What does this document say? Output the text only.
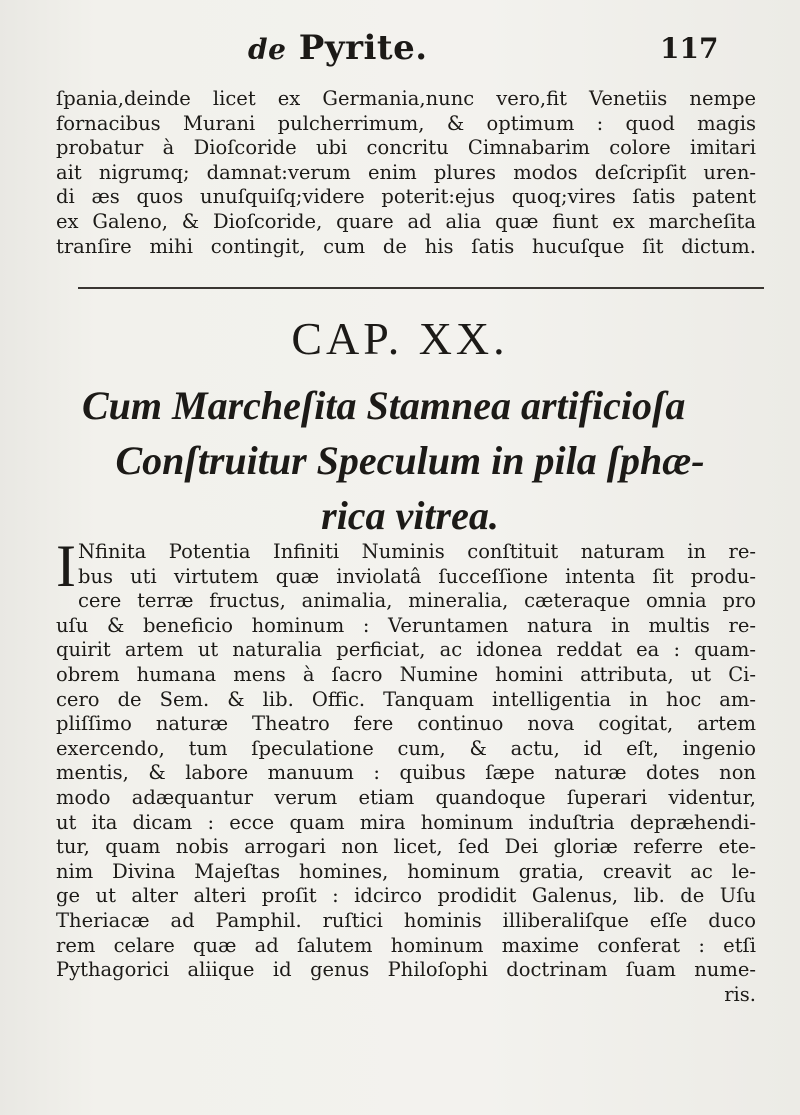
de Pyrite.	117
ſpania,deinde licet ex Germania,nunc vero,fit Venetiis nempe
fornacibus Murani pulcherrimum, & optimum : quod magis
probatur à Dioſcoride ubi concritu Cimnabarim colore imitari
ait nigrumq; damnat:verum enim plures modos deſcripſit uren-
di æs quos unuſquiſq;videre poterit:ejus quoq;vires ſatis patent
ex Galeno, & Dioſcoride, quare ad alia quæ fiunt ex marcheſita
tranſire mihi contingit, cum de his ſatis hucuſque ſit dictum.
CAP. XX.
Cum Marcheſita Stamnea artificioſa
Conſtruitur Speculum in pila ſphæ-
rica vitrea.
I Nfinita Potentia Infiniti Numinis conſtituit naturam in re-
bus uti virtutem quæ inviolatâ ſucceſſione intenta ſit produ-
cere terræ fructus, animalia, mineralia, cæteraque omnia pro
uſu & beneficio hominum : Veruntamen natura in multis re-
quirit artem ut naturalia perficiat, ac idonea reddat ea : quam-
obrem humana mens à ſacro Numine homini attributa, ut Ci-
cero de Sem. & lib. Offic. Tanquam intelligentia in hoc am-
pliſſimo naturæ Theatro fere continuo nova cogitat, artem
exercendo, tum ſpeculatione cum, & actu, id eſt, ingenio
mentis, & labore manuum : quibus ſæpe naturæ dotes non
modo adæquantur verum etiam quandoque ſuperari videntur,
ut ita dicam : ecce quam mira hominum induſtria depræhendi-
tur, quam nobis arrogari non licet, ſed Dei gloriæ referre ete-
nim Divina Majeſtas homines, hominum gratia, creavit ac le-
ge ut alter alteri proſit : idcirco prodidit Galenus, lib. de Uſu
Theriacæ ad Pamphil. ruſtici hominis illiberaliſque eſſe duco
rem celare quæ ad ſalutem hominum maxime conferat : etſi
Pythagorici aliique id genus Philoſophi doctrinam ſuam nume-
ris.
